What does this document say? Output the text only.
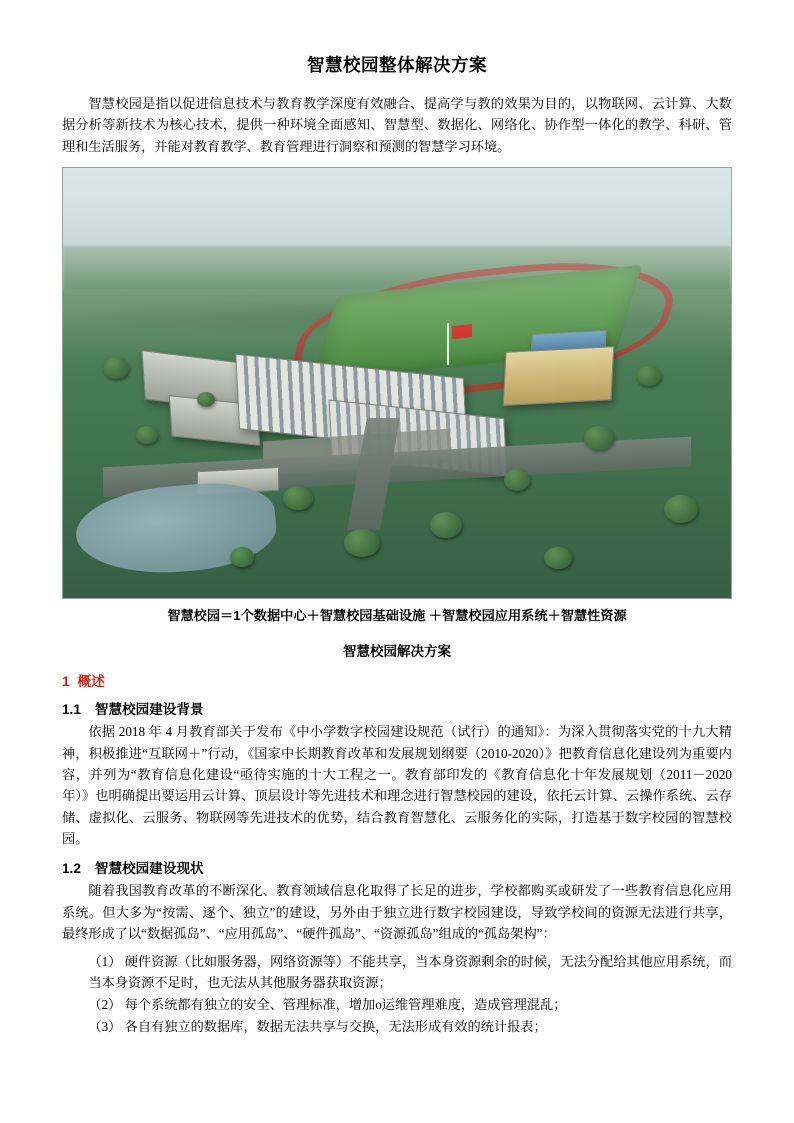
智慧校园整体解决方案

智慧校园是指以促进信息技术与教育教学深度有效融合、提高学与教的效果为目的，以物联网、云计算、大数据分析等新技术为核心技术，提供一种环境全面感知、智慧型、数据化、网络化、协作型一体化的教学、科研、管理和生活服务，并能对教育教学、教育管理进行洞察和预测的智慧学习环境。

智慧校园＝1个数据中心＋智慧校园基础设施 ＋智慧校园应用系统＋智慧性资源
智慧校园解决方案
1 概述
1.1 智慧校园建设背景

依据 2018 年 4 月教育部关于发布《中小学数字校园建设规范（试行）的通知》：为深入贯彻落实党的十九大精神，积极推进“互联网＋”行动，《国家中长期教育改革和发展规划纲要（2010-2020）》把教育信息化建设列为重要内容，并列为“教育信息化建设“亟待实施的十大工程之一。教育部印发的《教育信息化十年发展规划（2011－2020 年）》也明确提出要运用云计算、顶层设计等先进技术和理念进行智慧校园的建设，依托云计算、云操作系统、云存储、虚拟化、云服务、物联网等先进技术的优势，结合教育智慧化、云服务化的实际，打造基于数字校园的智慧校园。

1.2 智慧校园建设现状

随着我国教育改革的不断深化、教育领域信息化取得了长足的进步，学校都购买或研发了一些教育信息化应用系统。但大多为“按需、逐个、独立”的建设，另外由于独立进行数字校园建设，导致学校间的资源无法进行共享，最终形成了以“数据孤岛”、“应用孤岛”、“硬件孤岛”、“资源孤岛”组成的“孤岛架构”：

（1） 硬件资源（比如服务器，网络资源等）不能共享，当本身资源剩余的时候，无法分配给其他应用系统，而当本身资源不足时，也无法从其他服务器获取资源；
（2） 每个系统都有独立的安全、管理标准，增加о运维管理难度，造成管理混乱；
（3） 各自有独立的数据库，数据无法共享与交换，无法形成有效的统计报表；
